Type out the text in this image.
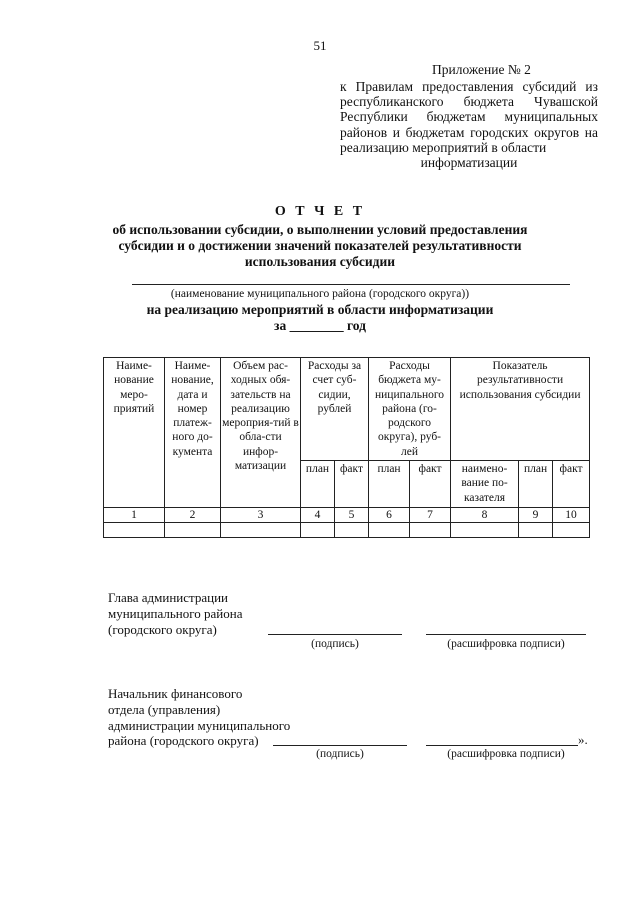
51
Приложение № 2
к Правилам предоставления субсидий из республиканского бюджета Чувашской Республики бюджетам муниципальных районов и бюджетам городских округов на реализацию мероприятий в области
информатизации
О Т Ч Е Т
об использовании субсидии, о выполнении условий предоставления
субсидии и о достижении значений показателей результативности
использования субсидии
(наименование муниципального района (городского округа))
на реализацию мероприятий в области информатизации
за ________ год
Наиме-нование меро-приятий	Наиме-нование, дата и номер платеж-ного до-кумента	Объем рас-ходных обя-зательств на реализацию мероприя-тий в обла-сти инфор-матизации	Расходы за счет суб-сидии, рублей		Расходы бюджета му-ниципального района (го-родского округа), руб-лей		Показатель результативности использования субсидии		
			план	факт	план	факт	наимено-вание по-казателя	план	факт
1	2	3	4	5	6	7	8	9	10

Глава администрации
муниципального района
(городского округа)
(подпись)	(расшифровка подписи)
Начальник финансового
отдела (управления)
администрации муниципального
района (городского округа)	».
(подпись)	(расшифровка подписи)
